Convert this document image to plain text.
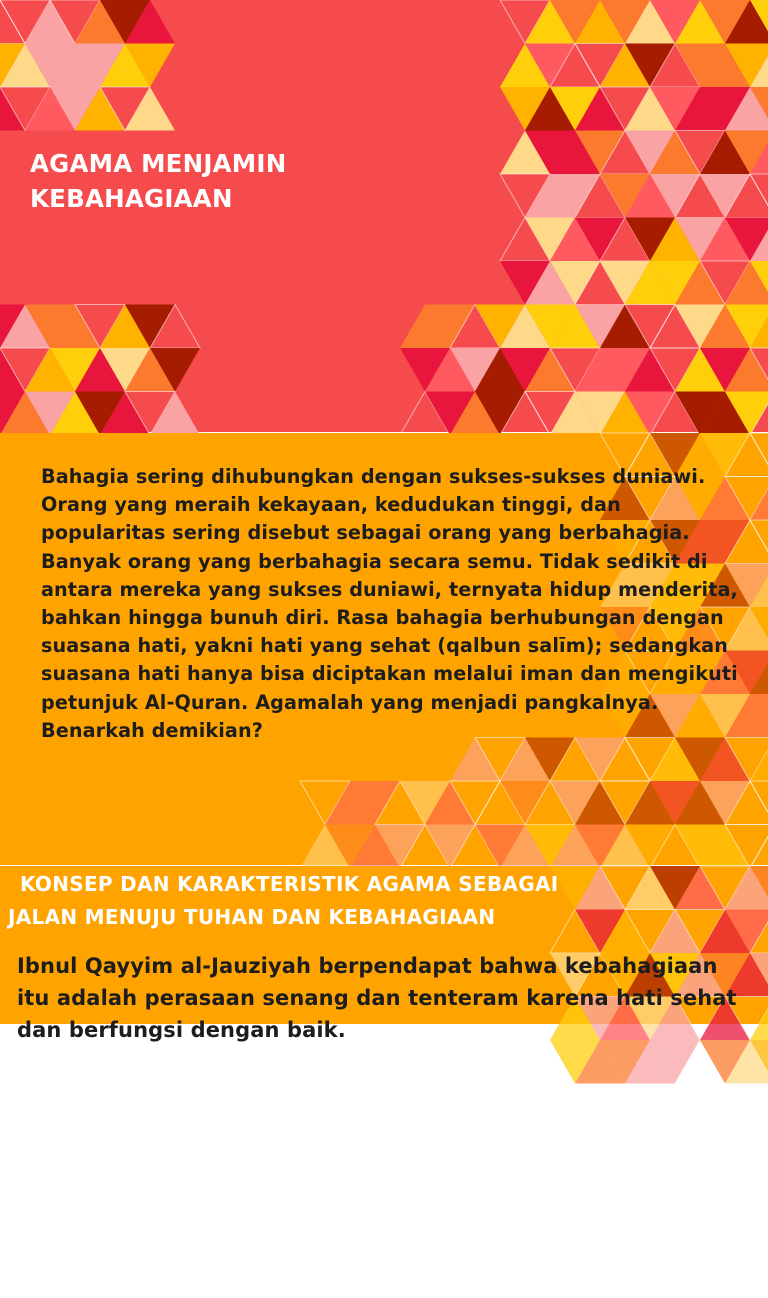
AGAMA MENJAMIN KEBAHAGIAAN

Bahagia sering dihubungkan dengan sukses-sukses duniawi. Orang yang meraih kekayaan, kedudukan tinggi, dan popularitas sering disebut sebagai orang yang berbahagia. Banyak orang yang berbahagia secara semu. Tidak sedikit di antara mereka yang sukses duniawi, ternyata hidup menderita, bahkan hingga bunuh diri. Rasa bahagia berhubungan dengan suasana hati, yakni hati yang sehat (qalbun salīm); sedangkan suasana hati hanya bisa diciptakan melalui iman dan mengikuti petunjuk Al-Quran. Agamalah yang menjadi pangkalnya. Benarkah demikian?

KONSEP DAN KARAKTERISTIK AGAMA SEBAGAI
JALAN MENUJU TUHAN DAN KEBAHAGIAAN

Ibnul Qayyim al-Jauziyah berpendapat bahwa kebahagiaan itu adalah perasaan senang dan tenteram karena hati sehat dan berfungsi dengan baik.
